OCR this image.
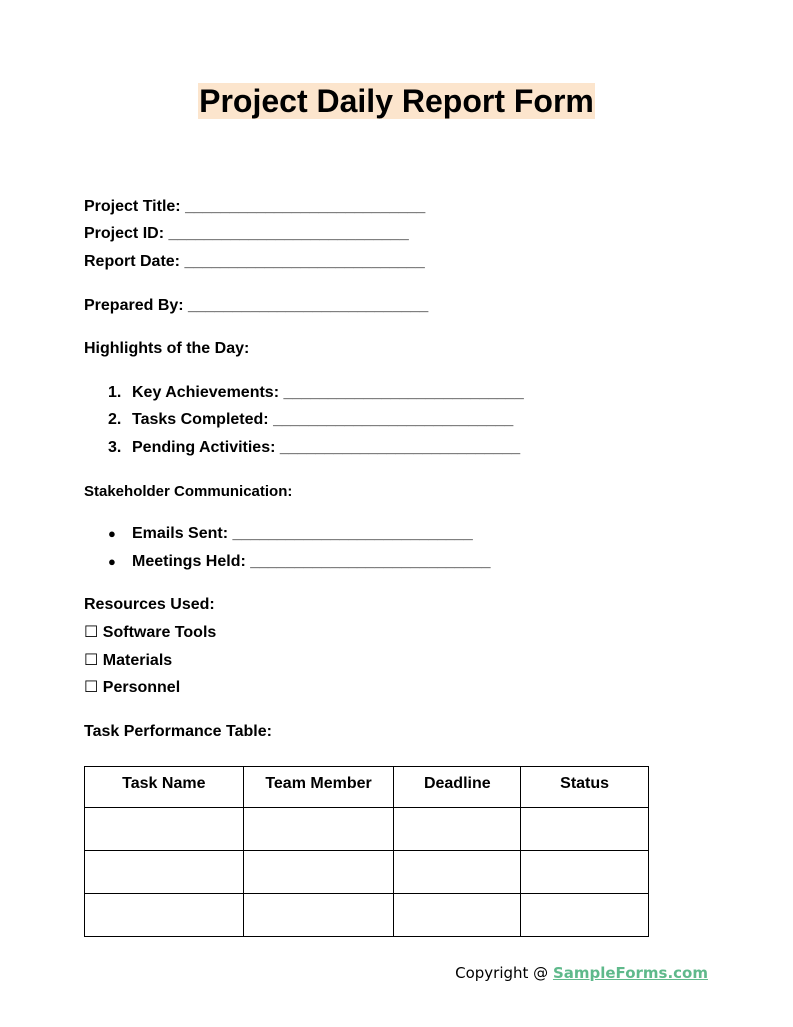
Project Daily Report Form
Project Title: ___________________________
Project ID: ___________________________
Report Date: ___________________________
Prepared By: ___________________________
Highlights of the Day:
1. Key Achievements: ___________________________
2. Tasks Completed: ___________________________
3. Pending Activities: ___________________________
Stakeholder Communication:
● Emails Sent: ___________________________
● Meetings Held: ___________________________
Resources Used:
☐ Software Tools
☐ Materials
☐ Personnel
Task Performance Table:
Task Name	Team Member	Deadline	Status

Copyright @ SampleForms.com
